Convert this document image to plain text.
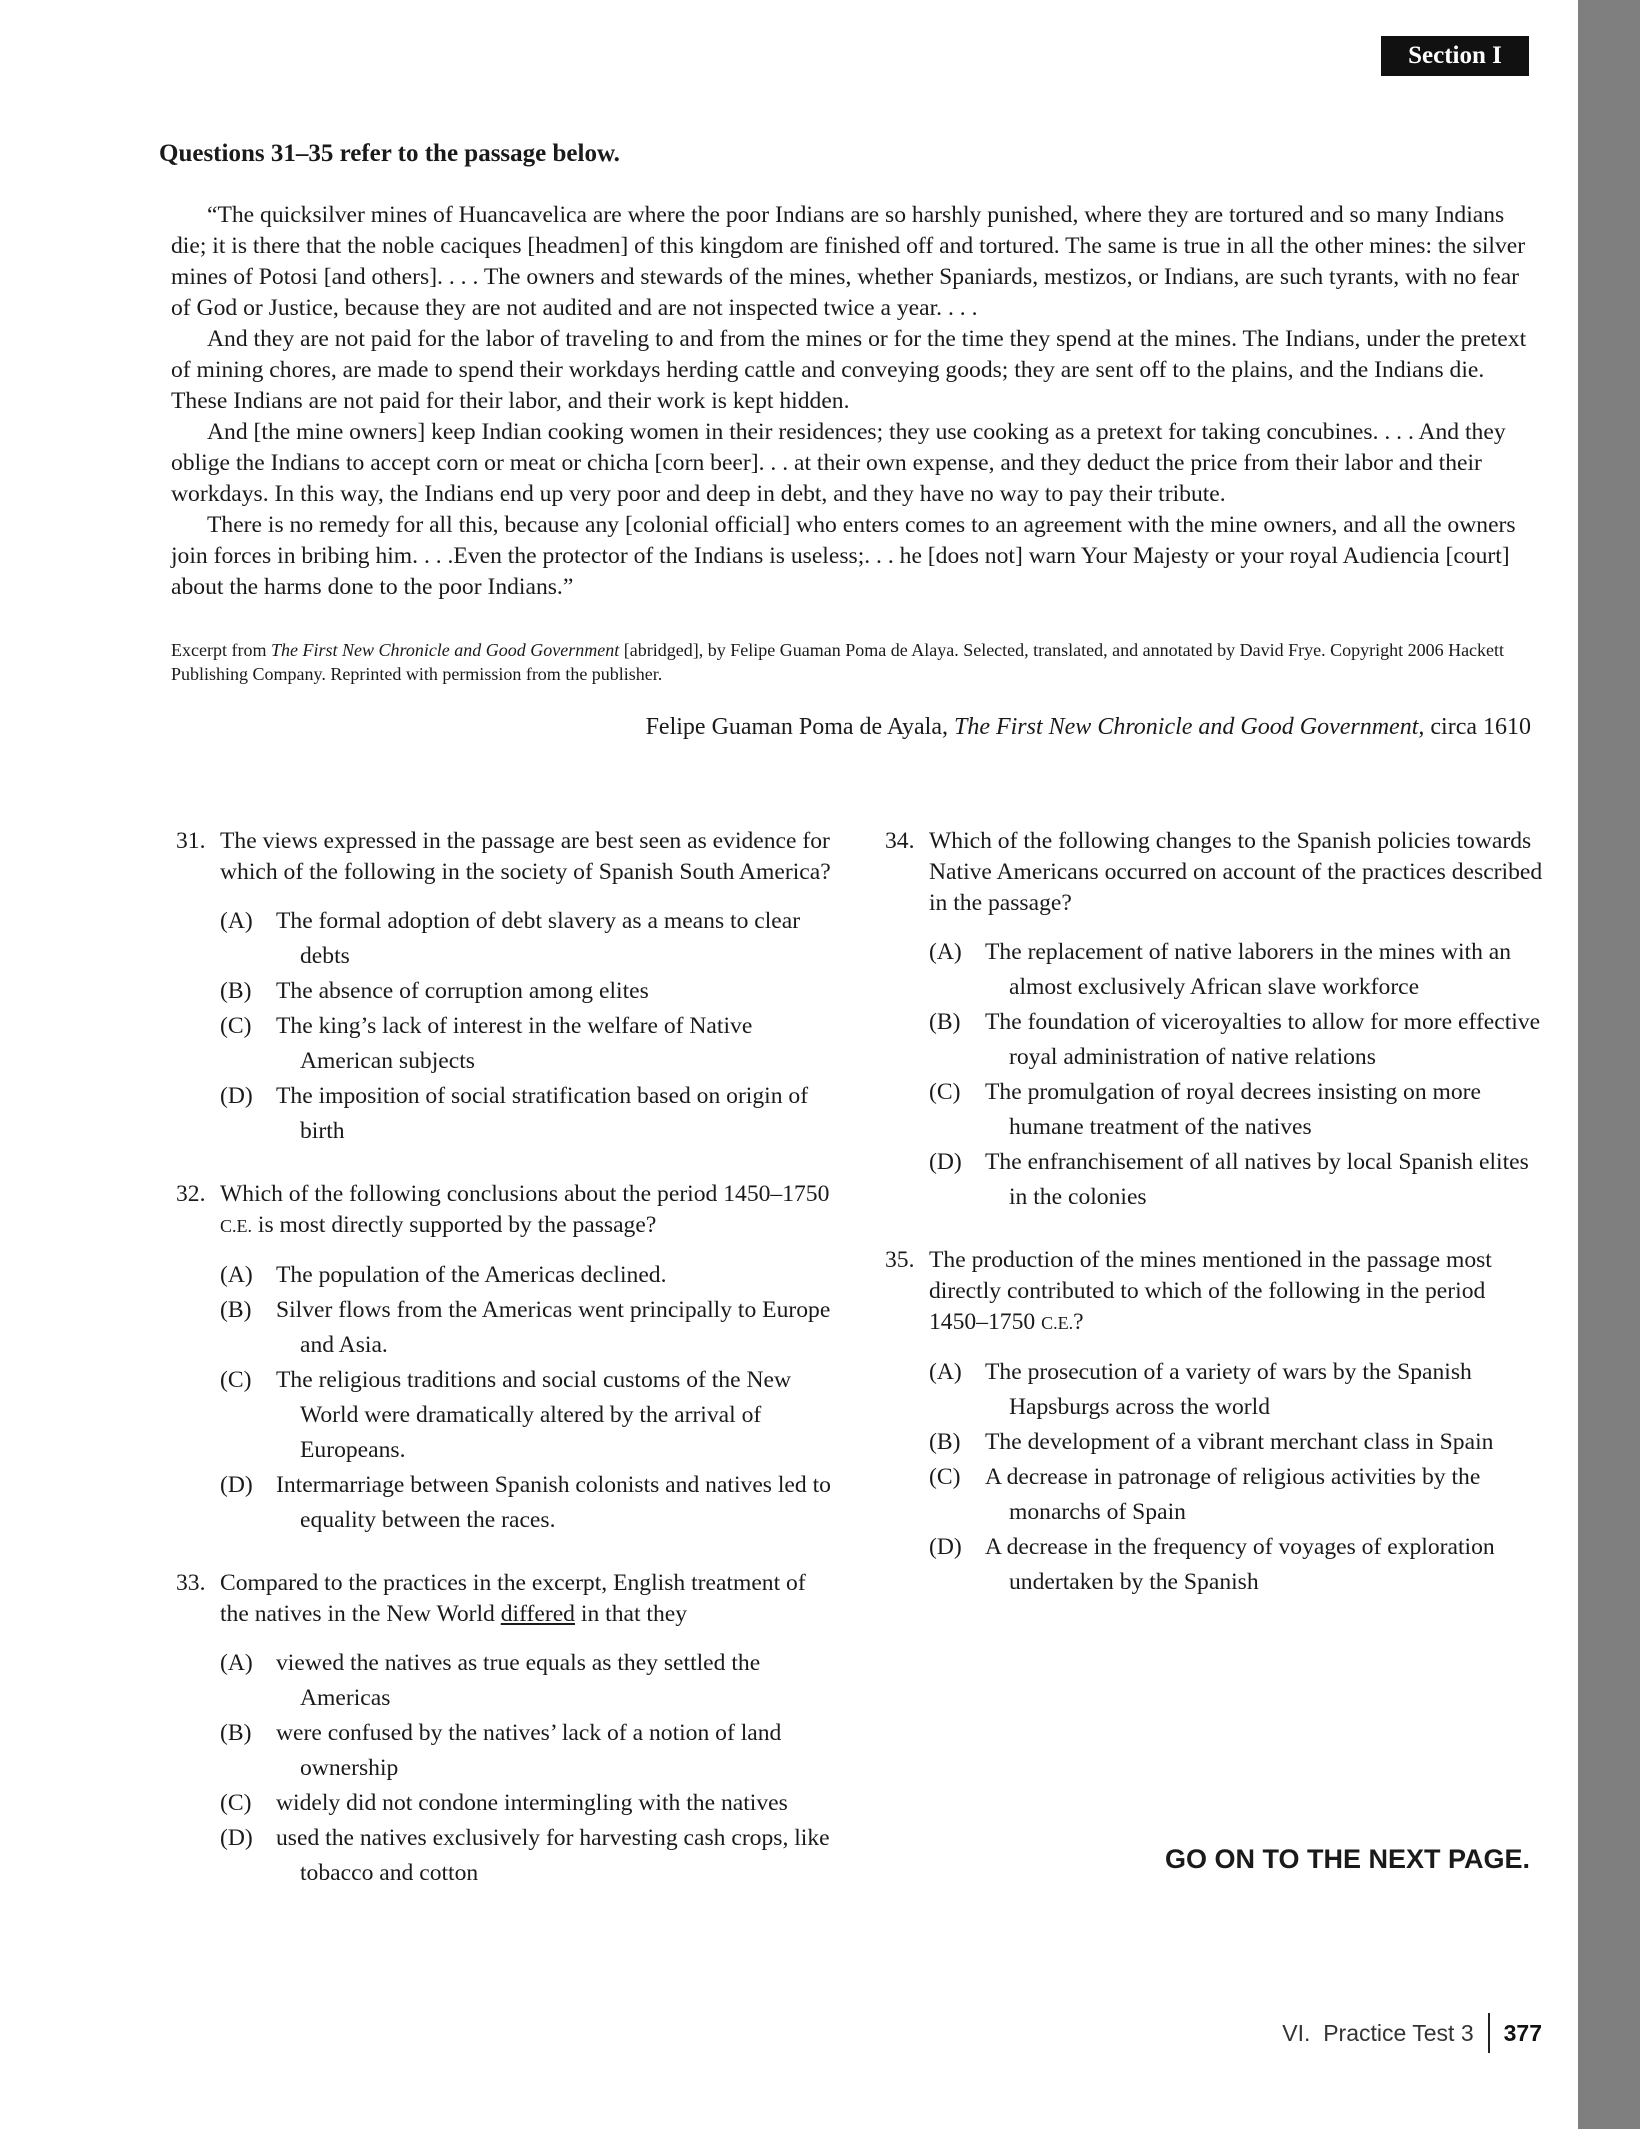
Section I
Questions 31–35 refer to the passage below.

“The quicksilver mines of Huancavelica are where the poor Indians are so harshly punished, where they are tortured and so many Indians die; it is there that the noble caciques [headmen] of this kingdom are finished off and tortured. The same is true in all the other mines: the silver mines of Potosi [and others]. . . . The owners and stewards of the mines, whether Spaniards, mestizos, or Indians, are such tyrants, with no fear of God or Justice, because they are not audited and are not inspected twice a year. . . .

And they are not paid for the labor of traveling to and from the mines or for the time they spend at the mines. The Indians, under the pretext of mining chores, are made to spend their workdays herding cattle and conveying goods; they are sent off to the plains, and the Indians die. These Indians are not paid for their labor, and their work is kept hidden.

And [the mine owners] keep Indian cooking women in their residences; they use cooking as a pretext for taking concubines. . . . And they oblige the Indians to accept corn or meat or chicha [corn beer]. . . at their own expense, and they deduct the price from their labor and their workdays. In this way, the Indians end up very poor and deep in debt, and they have no way to pay their tribute.

There is no remedy for all this, because any [colonial official] who enters comes to an agreement with the mine owners, and all the owners join forces in bribing him. . . .Even the protector of the Indians is useless;. . . he [does not] warn Your Majesty or your royal Audiencia [court] about the harms done to the poor Indians.”

Excerpt from The First New Chronicle and Good Government [abridged], by Felipe Guaman Poma de Alaya. Selected, translated, and annotated by David Frye. Copyright 2006 Hackett Publishing Company. Reprinted with permission from the publisher.
Felipe Guaman Poma de Ayala, The First New Chronicle and Good Government, circa 1610
31. The views expressed in the passage are best seen as evidence for which of the following in the society of Spanish South America?
(A) The formal adoption of debt slavery as a means to clear debts
(B)	The absence of corruption among elites
(C)	The king’s lack of interest in the welfare of Native American subjects
(D) The imposition of social stratification based on origin of birth
32. Which of the following conclusions about the period 1450–1750 C.E. is most directly supported by the passage?
(A) The population of the Americas declined.
(B)	Silver flows from the Americas went principally to Europe and Asia.
(C)	The religious traditions and social customs of the New World were dramatically altered by the arrival of Europeans.
(D) Intermarriage between Spanish colonists and natives led to equality between the races.
33. Compared to the practices in the excerpt, English treatment of the natives in the New World differed in that they
(A) viewed the natives as true equals as they settled the Americas
(B)	were confused by the natives’ lack of a notion of land ownership
(C)	widely did not condone intermingling with the natives
(D) used the natives exclusively for harvesting cash crops, like tobacco and cotton
34. Which of the following changes to the Spanish policies towards Native Americans occurred on account of the practices described in the passage?
(A) The replacement of native laborers in the mines with an almost exclusively African slave workforce
(B)	The foundation of viceroyalties to allow for more effective royal administration of native relations
(C)	The promulgation of royal decrees insisting on more humane treatment of the natives
(D) The enfranchisement of all natives by local Spanish elites in the colonies
35. The production of the mines mentioned in the passage most directly contributed to which of the following in the period 1450–1750 C.E.?
(A) The prosecution of a variety of wars by the Spanish Hapsburgs across the world
(B)	The development of a vibrant merchant class in Spain
(C)	A decrease in patronage of religious activities by the monarchs of Spain
(D) A decrease in the frequency of voyages of exploration undertaken by the Spanish
GO ON TO THE NEXT PAGE.
VI.  Practice Test 3 377
